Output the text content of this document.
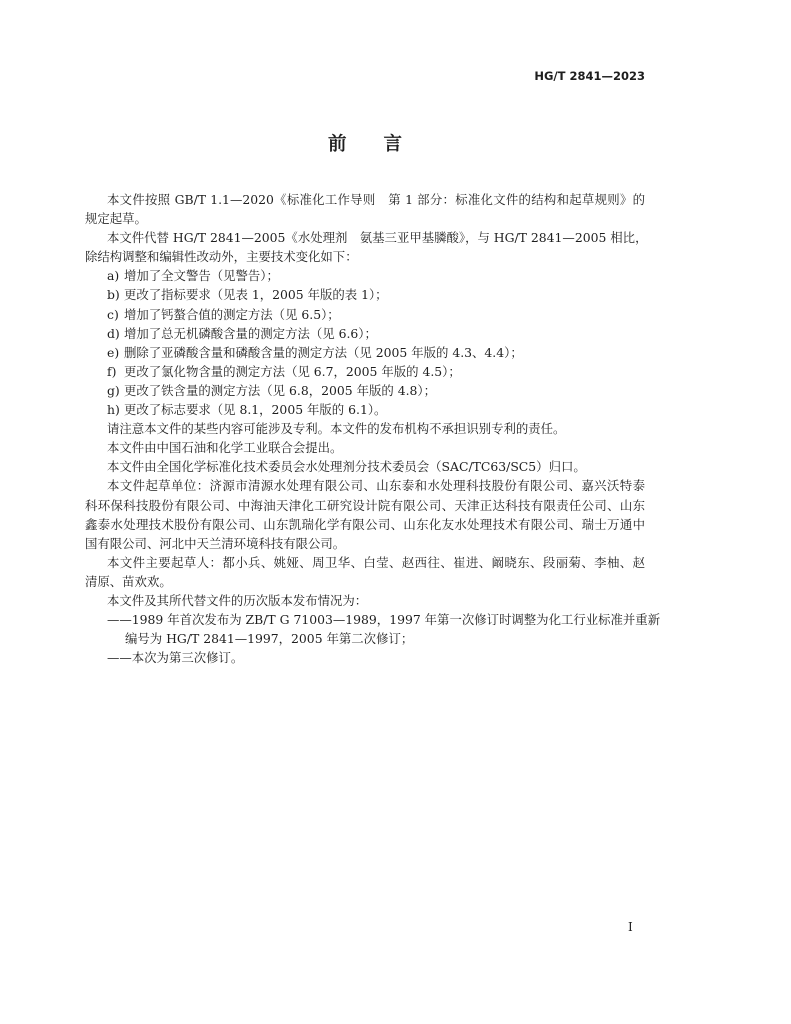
HG/T 2841—2023
前　　言
本文件按照 GB/T 1.1—2020《标准化工作导则　第 1 部分：标准化文件的结构和起草规则》的
规定起草。
本文件代替 HG/T 2841—2005《水处理剂　氨基三亚甲基膦酸》，与 HG/T 2841—2005 相比，
除结构调整和编辑性改动外，主要技术变化如下：
a) 增加了全文警告（见警告）；
b) 更改了指标要求（见表 1，2005 年版的表 1）；
c) 增加了钙螯合值的测定方法（见 6.5）；
d) 增加了总无机磷酸含量的测定方法（见 6.6）；
e) 删除了亚磷酸含量和磷酸含量的测定方法（见 2005 年版的 4.3、4.4）；
f) 更改了氯化物含量的测定方法（见 6.7，2005 年版的 4.5）；
g) 更改了铁含量的测定方法（见 6.8，2005 年版的 4.8）；
h) 更改了标志要求（见 8.1，2005 年版的 6.1）。
请注意本文件的某些内容可能涉及专利。本文件的发布机构不承担识别专利的责任。
本文件由中国石油和化学工业联合会提出。
本文件由全国化学标准化技术委员会水处理剂分技术委员会（SAC/TC63/SC5）归口。
本文件起草单位：济源市清源水处理有限公司、山东泰和水处理科技股份有限公司、嘉兴沃特泰
科环保科技股份有限公司、中海油天津化工研究设计院有限公司、天津正达科技有限责任公司、山东
鑫泰水处理技术股份有限公司、山东凯瑞化学有限公司、山东化友水处理技术有限公司、瑞士万通中
国有限公司、河北中天兰清环境科技有限公司。
本文件主要起草人：都小兵、姚娅、周卫华、白莹、赵西往、崔进、阚晓东、段丽菊、李柚、赵
清原、苗欢欢。
本文件及其所代替文件的历次版本发布情况为：
——1989 年首次发布为 ZB/T G 71003—1989，1997 年第一次修订时调整为化工行业标准并重新
编号为 HG/T 2841—1997，2005 年第二次修订；
——本次为第三次修订。
I
